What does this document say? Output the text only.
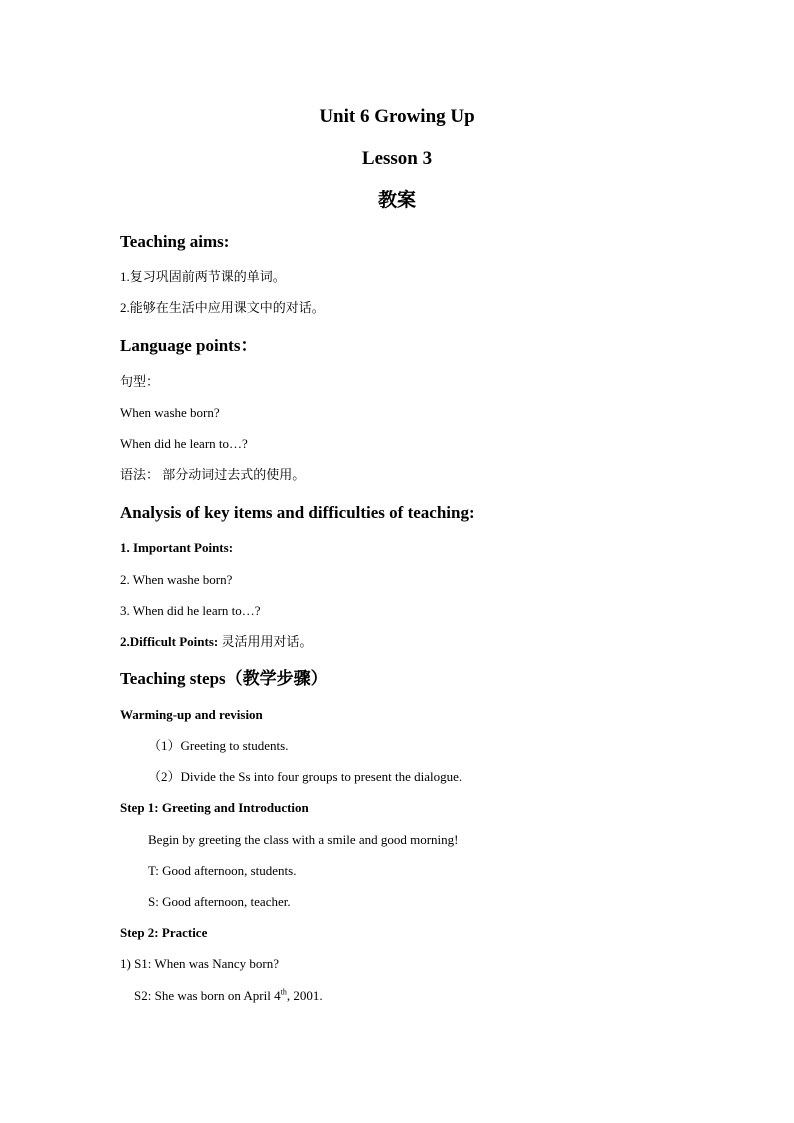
Unit 6 Growing Up
Lesson 3
教案
Teaching aims:
1.复习巩固前两节课的单词。
2.能够在生活中应用课文中的对话。
Language points：
句型：
When washe born?
When did he learn to…?
语法： 部分动词过去式的使用。
Analysis of key items and difficulties of teaching:
1. Important Points:
2. When washe born?
3. When did he learn to…?
2.Difficult Points: 灵活用用对话。
Teaching steps（教学步骤）
Warming-up and revision
（1）Greeting to students.
（2）Divide the Ss into four groups to present the dialogue.
Step 1: Greeting and Introduction
Begin by greeting the class with a smile and good morning!
T: Good afternoon, students.
S: Good afternoon, teacher.
Step 2: Practice
1) S1: When was Nancy born?
S2: She was born on April 4th, 2001.
